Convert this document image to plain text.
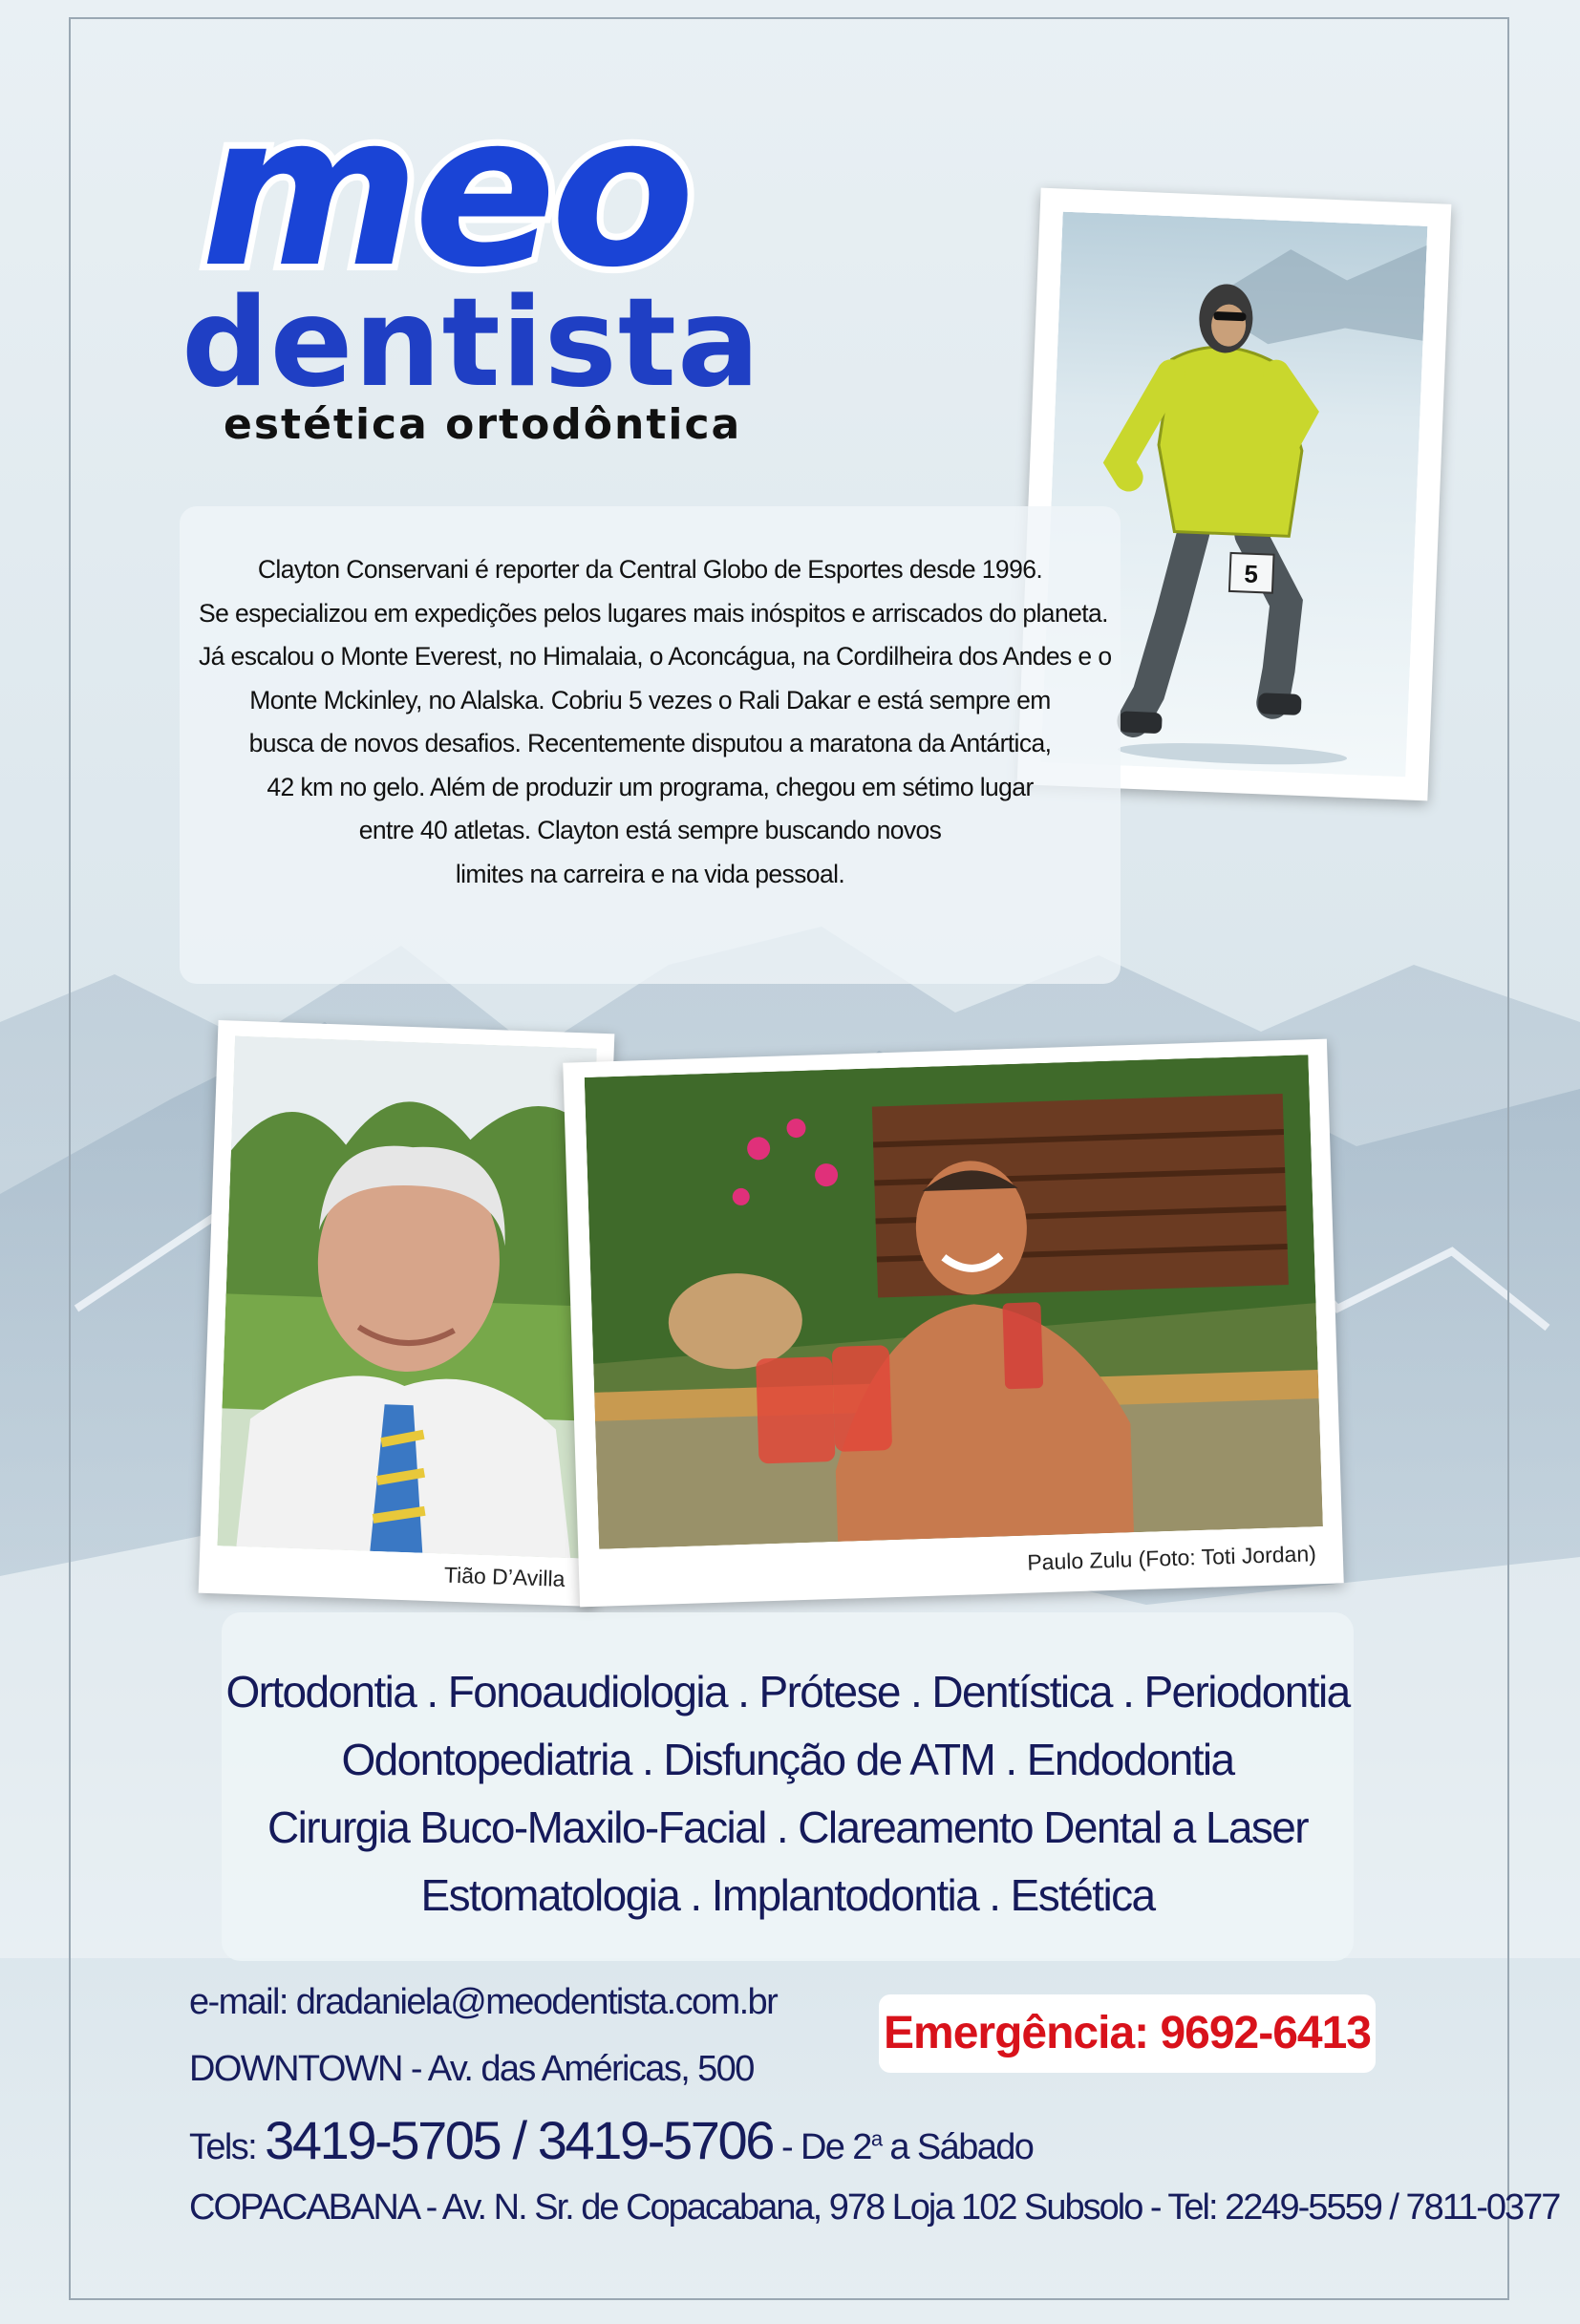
meo
dentista
estética ortodôntica
5
Clayton Conservani é reporter da Central Globo de Esportes desde 1996.
Se especializou em expedições pelos lugares mais inóspitos e arriscados do planeta.
Já escalou o Monte Everest, no Himalaia, o Aconcágua, na Cordilheira dos Andes e o
Monte Mckinley, no Alalska. Cobriu 5 vezes o Rali Dakar e está sempre em
busca de novos desafios. Recentemente disputou a maratona da Antártica,
42 km no gelo. Além de produzir um programa, chegou em sétimo lugar
entre 40 atletas. Clayton está sempre buscando novos
limites na carreira e na vida pessoal.
Tião D’Avilla
Paulo Zulu (Foto: Toti Jordan)
Ortodontia . Fonoaudiologia . Prótese . Dentística . Periodontia
Odontopediatria . Disfunção de ATM . Endodontia
Cirurgia Buco-Maxilo-Facial . Clareamento Dental a Laser
Estomatologia . Implantodontia . Estética
e-mail: dradaniela@meodentista.com.br
DOWNTOWN - Av. das Américas, 500
Tels: 3419-5705 / 3419-5706 - De 2$^a$ a Sábado
COPACABANA - Av. N. Sr. de Copacabana, 978 Loja 102 Subsolo - Tel: 2249-5559 / 7811-0377
Emergência: 9692-6413
